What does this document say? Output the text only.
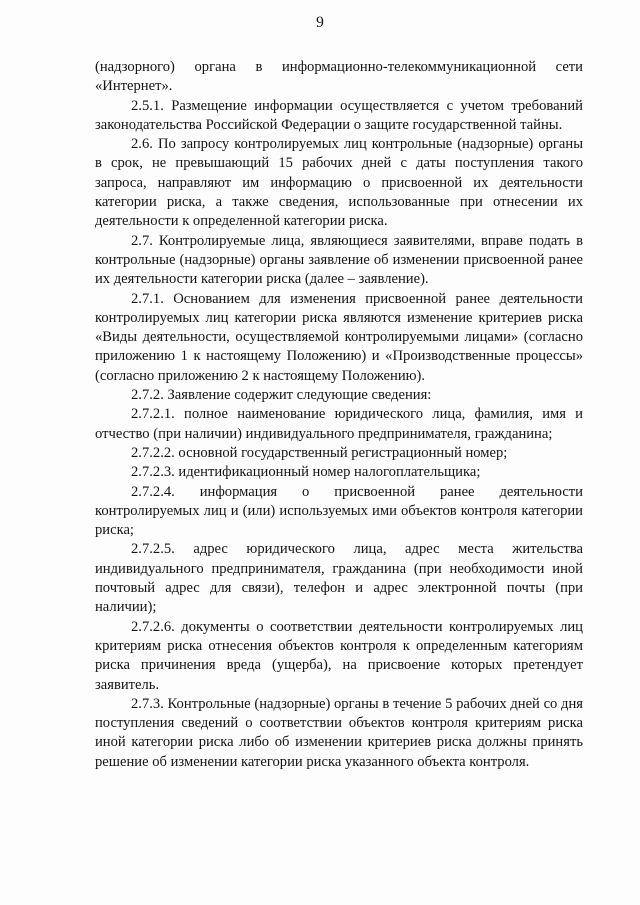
9

(надзорного) органа в информационно-телекоммуникационной сети «Интернет».

2.5.1. Размещение информации осуществляется с учетом требований законодательства Российской Федерации о защите государственной тайны.

2.6. По запросу контролируемых лиц контрольные (надзорные) органы в срок, не превышающий 15 рабочих дней с даты поступления такого запроса, направляют им информацию о присвоенной их деятельности категории риска, а также сведения, использованные при отнесении их деятельности к определенной категории риска.

2.7. Контролируемые лица, являющиеся заявителями, вправе подать в контрольные (надзорные) органы заявление об изменении присвоенной ранее их деятельности категории риска (далее – заявление).

2.7.1. Основанием для изменения присвоенной ранее деятельности контролируемых лиц категории риска являются изменение критериев риска «Виды деятельности, осуществляемой контролируемыми лицами» (согласно приложению 1 к настоящему Положению) и «Производственные процессы» (согласно приложению 2 к настоящему Положению).

2.7.2. Заявление содержит следующие сведения:

2.7.2.1. полное наименование юридического лица, фамилия, имя и отчество (при наличии) индивидуального предпринимателя, гражданина;

2.7.2.2. основной государственный регистрационный номер;

2.7.2.3. идентификационный номер налогоплательщика;

2.7.2.4. информация о присвоенной ранее деятельности контролируемых лиц и (или) используемых ими объектов контроля категории риска;

2.7.2.5. адрес юридического лица, адрес места жительства индивидуального предпринимателя, гражданина (при необходимости иной почтовый адрес для связи), телефон и адрес электронной почты (при наличии);

2.7.2.6. документы о соответствии деятельности контролируемых лиц критериям риска отнесения объектов контроля к определенным категориям риска причинения вреда (ущерба), на присвоение которых претендует заявитель.

2.7.3. Контрольные (надзорные) органы в течение 5 рабочих дней со дня поступления сведений о соответствии объектов контроля критериям риска иной категории риска либо об изменении критериев риска должны принять решение об изменении категории риска указанного объекта контроля.
